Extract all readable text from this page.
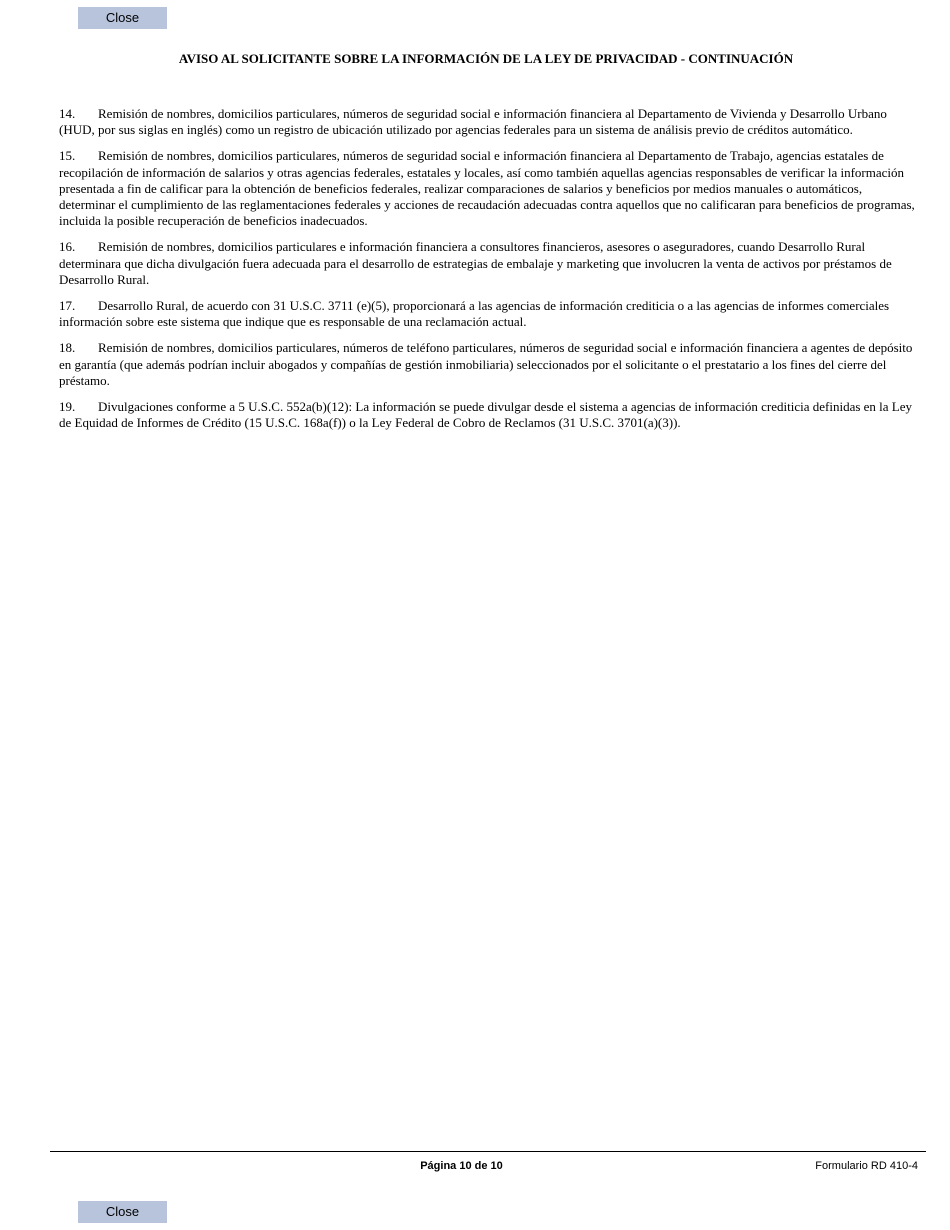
Close
AVISO AL SOLICITANTE SOBRE LA INFORMACIÓN DE LA LEY DE PRIVACIDAD - CONTINUACIÓN

14. Remisión de nombres, domicilios particulares, números de seguridad social e información financiera al Departamento de Vivienda y Desarrollo Urbano (HUD, por sus siglas en inglés) como un registro de ubicación utilizado por agencias federales para un sistema de análisis previo de créditos automático.

15. Remisión de nombres, domicilios particulares, números de seguridad social e información financiera al Departamento de Trabajo, agencias estatales de recopilación de información de salarios y otras agencias federales, estatales y locales, así como también aquellas agencias responsables de verificar la información presentada a fin de calificar para la obtención de beneficios federales, realizar comparaciones de salarios y beneficios por medios manuales o automáticos, determinar el cumplimiento de las reglamentaciones federales y acciones de recaudación adecuadas contra aquellos que no calificaran para beneficios de programas, incluida la posible recuperación de beneficios inadecuados.

16. Remisión de nombres, domicilios particulares e información financiera a consultores financieros, asesores o aseguradores, cuando Desarrollo Rural determinara que dicha divulgación fuera adecuada para el desarrollo de estrategias de embalaje y marketing que involucren la venta de activos por préstamos de Desarrollo Rural.

17. Desarrollo Rural, de acuerdo con 31 U.S.C. 3711 (e)(5), proporcionará a las agencias de información crediticia o a las agencias de informes comerciales información sobre este sistema que indique que es responsable de una reclamación actual.

18. Remisión de nombres, domicilios particulares, números de teléfono particulares, números de seguridad social e información financiera a agentes de depósito en garantía (que además podrían incluir abogados y compañías de gestión inmobiliaria) seleccionados por el solicitante o el prestatario a los fines del cierre del préstamo.

19. Divulgaciones conforme a 5 U.S.C. 552a(b)(12): La información se puede divulgar desde el sistema a agencias de información crediticia definidas en la Ley de Equidad de Informes de Crédito (15 U.S.C. 168a(f)) o la Ley Federal de Cobro de Reclamos (31 U.S.C. 3701(a)(3)).

Página 10 de 10	Formulario RD 410-4
Close
